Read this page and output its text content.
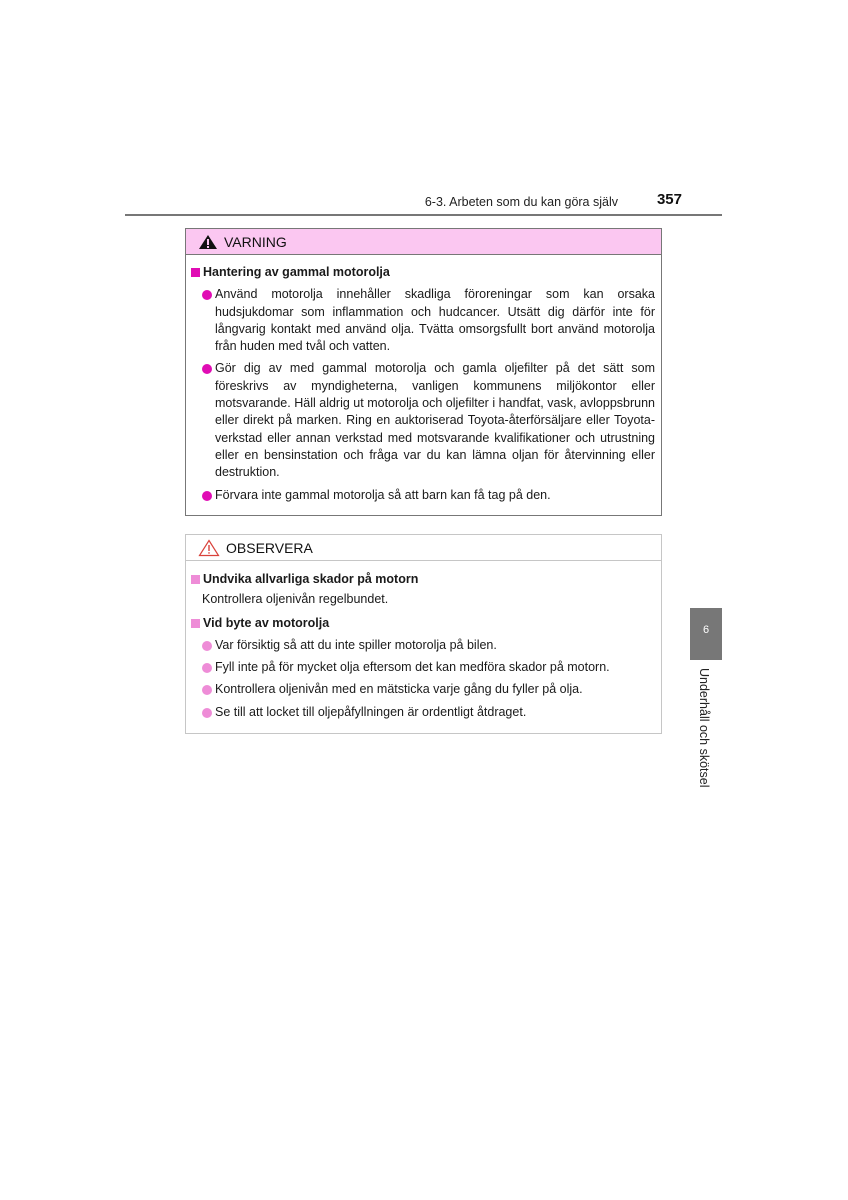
6-3. Arbeten som du kan göra själv	357
VARNING
Hantering av gammal motorolja
Använd motorolja innehåller skadliga föroreningar som kan orsaka hudsjukdomar som inflammation och hudcancer. Utsätt dig därför inte för långvarig kontakt med använd olja. Tvätta omsorgsfullt bort använd motorolja från huden med tvål och vatten.
Gör dig av med gammal motorolja och gamla oljefilter på det sätt som föreskrivs av myndigheterna, vanligen kommunens miljökontor eller motsvarande. Häll aldrig ut motorolja och oljefilter i handfat, vask, avloppsbrunn eller direkt på marken. Ring en auktoriserad Toyota-återförsäljare eller Toyota-verkstad eller annan verkstad med motsvarande kvalifikationer och utrustning eller en bensinstation och fråga var du kan lämna oljan för återvinning eller destruktion.
Förvara inte gammal motorolja så att barn kan få tag på den.
OBSERVERA
Undvika allvarliga skador på motorn
Kontrollera oljenivån regelbundet.
Vid byte av motorolja
Var försiktig så att du inte spiller motorolja på bilen.
Fyll inte på för mycket olja eftersom det kan medföra skador på motorn.
Kontrollera oljenivån med en mätsticka varje gång du fyller på olja.
Se till att locket till oljepåfyllningen är ordentligt åtdraget.
6
Underhåll och skötsel
